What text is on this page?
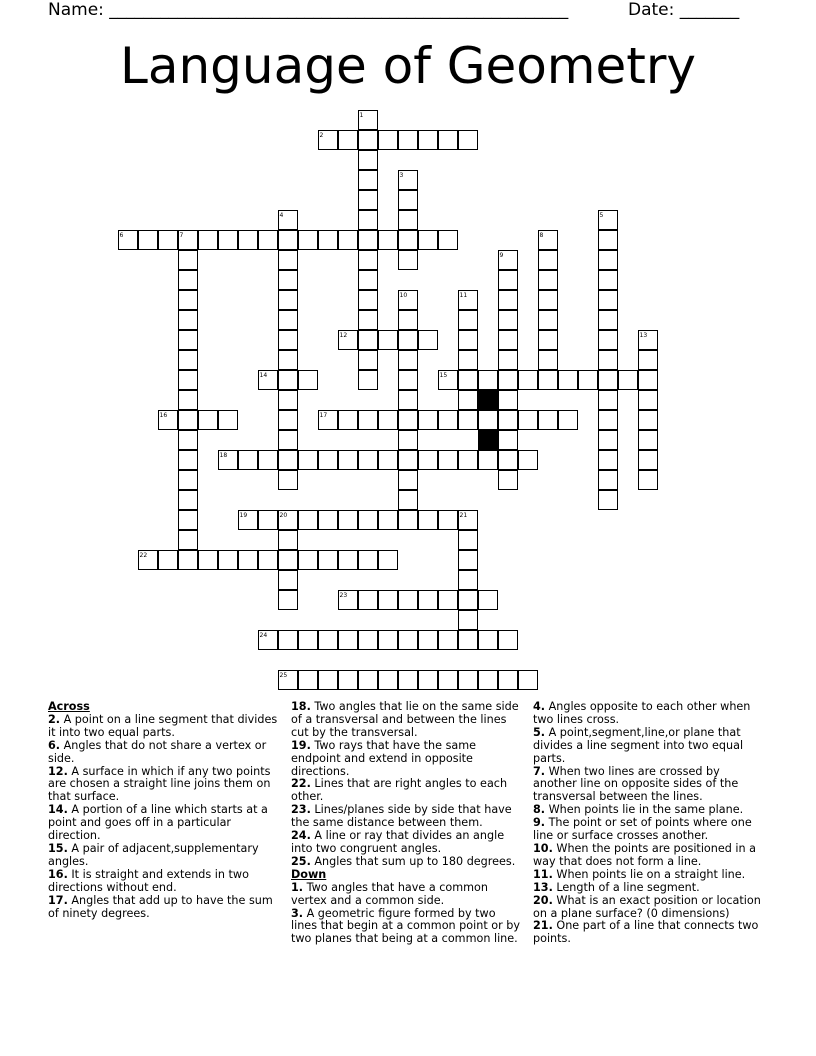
Name: ______________________________________________________	Date: _______
Language of Geometry
1
2
3
4	5
6	7	8
9
10	11
12	13
14	15
16	17
18
19	20	21
22
23
24
25

Across

2. A point on a line segment that divides it into two equal parts.

6. Angles that do not share a vertex or side.

12. A surface in which if any two points are chosen a straight line joins them on that surface.

14. A portion of a line which starts at a point and goes off in a particular direction.

15. A pair of adjacent,supplementary angles.

16. It is straight and extends in two directions without end.

17. Angles that add up to have the sum of ninety degrees.

18. Two angles that lie on the same side of a transversal and between the lines cut by the transversal.

19. Two rays that have the same endpoint and extend in opposite directions.

22. Lines that are right angles to each other.

23. Lines/planes side by side that have the same distance between them.

24. A line or ray that divides an angle into two congruent angles.

25. Angles that sum up to 180 degrees.

Down

1. Two angles that have a common vertex and a common side.

3. A geometric figure formed by two lines that begin at a common point or by two planes that being at a common line.

4. Angles opposite to each other when two lines cross.

5. A point,segment,line,or plane that divides a line segment into two equal parts.

7. When two lines are crossed by another line on opposite sides of the transversal between the lines.

8. When points lie in the same plane.

9. The point or set of points where one line or surface crosses another.

10. When the points are positioned in a way that does not form a line.

11. When points lie on a straight line.

13. Length of a line segment.

20. What is an exact position or location on a plane surface? (0 dimensions)

21. One part of a line that connects two points.
